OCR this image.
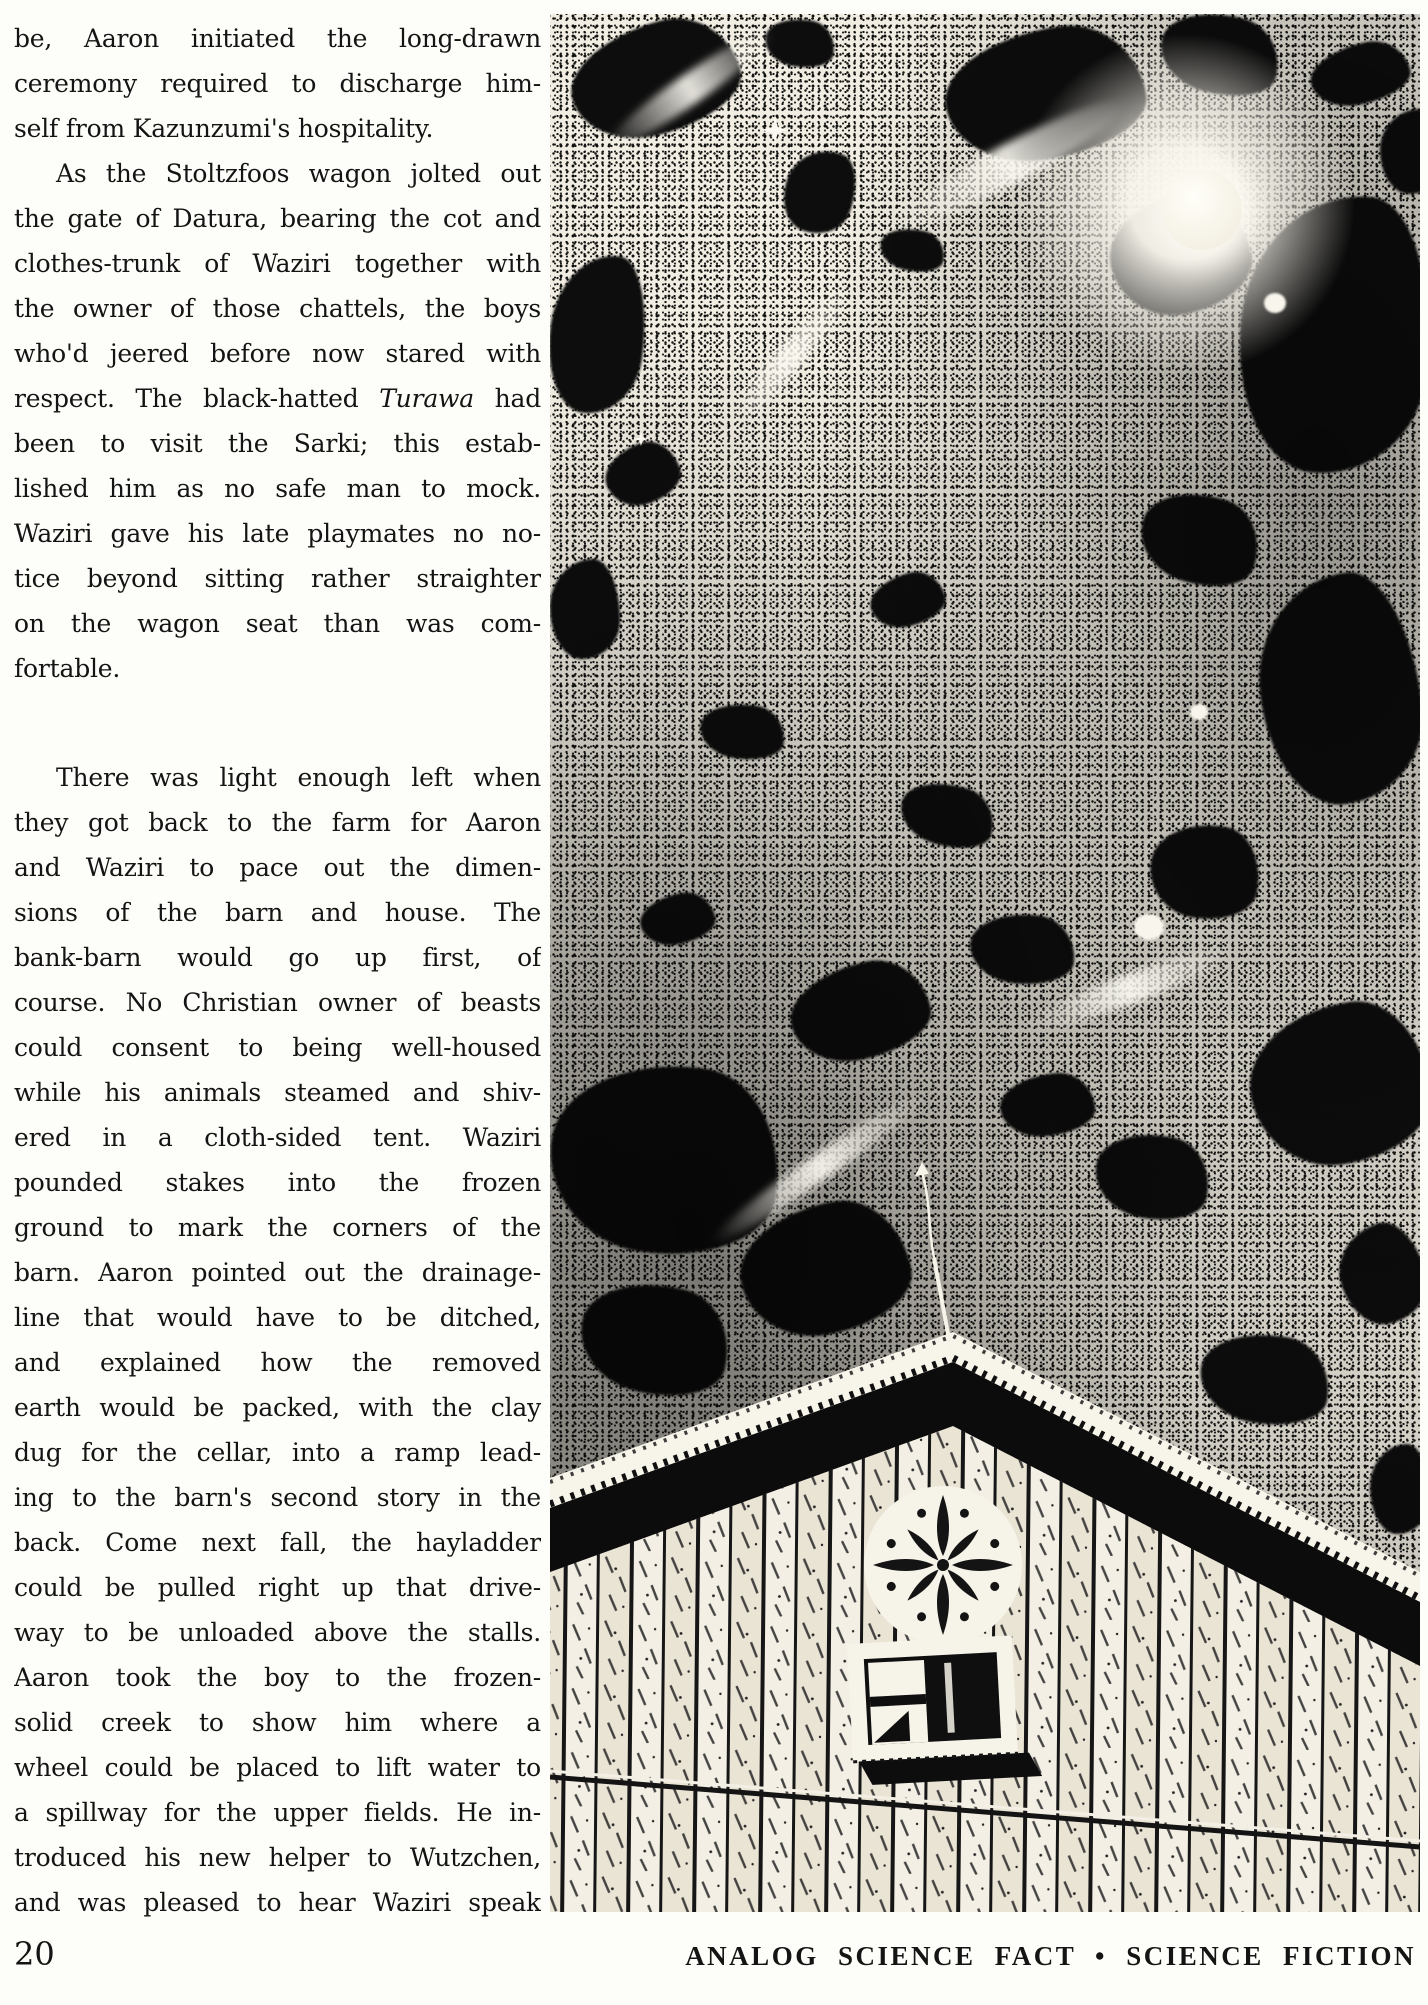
be, Aaron initiated the long-drawn
ceremony required to discharge him-
self from Kazunzumi's hospitality.
As the Stoltzfoos wagon jolted out
the gate of Datura, bearing the cot and
clothes-trunk of Waziri together with
the owner of those chattels, the boys
who'd jeered before now stared with
respect. The black-hatted Turawa had
been to visit the Sarki; this estab-
lished him as no safe man to mock.
Waziri gave his late playmates no no-
tice beyond sitting rather straighter
on the wagon seat than was com-
fortable.
There was light enough left when
they got back to the farm for Aaron
and Waziri to pace out the dimen-
sions of the barn and house. The
bank-barn would go up first, of
course. No Christian owner of beasts
could consent to being well-housed
while his animals steamed and shiv-
ered in a cloth-sided tent. Waziri
pounded stakes into the frozen
ground to mark the corners of the
barn. Aaron pointed out the drainage-
line that would have to be ditched,
and explained how the removed
earth would be packed, with the clay
dug for the cellar, into a ramp lead-
ing to the barn's second story in the
back. Come next fall, the hayladder
could be pulled right up that drive-
way to be unloaded above the stalls.
Aaron took the boy to the frozen-
solid creek to show him where a
wheel could be placed to lift water to
a spillway for the upper fields. He in-
troduced his new helper to Wutzchen,
and was pleased to hear Waziri speak
20	ANALOG SCIENCE FACT • SCIENCE FICTION
